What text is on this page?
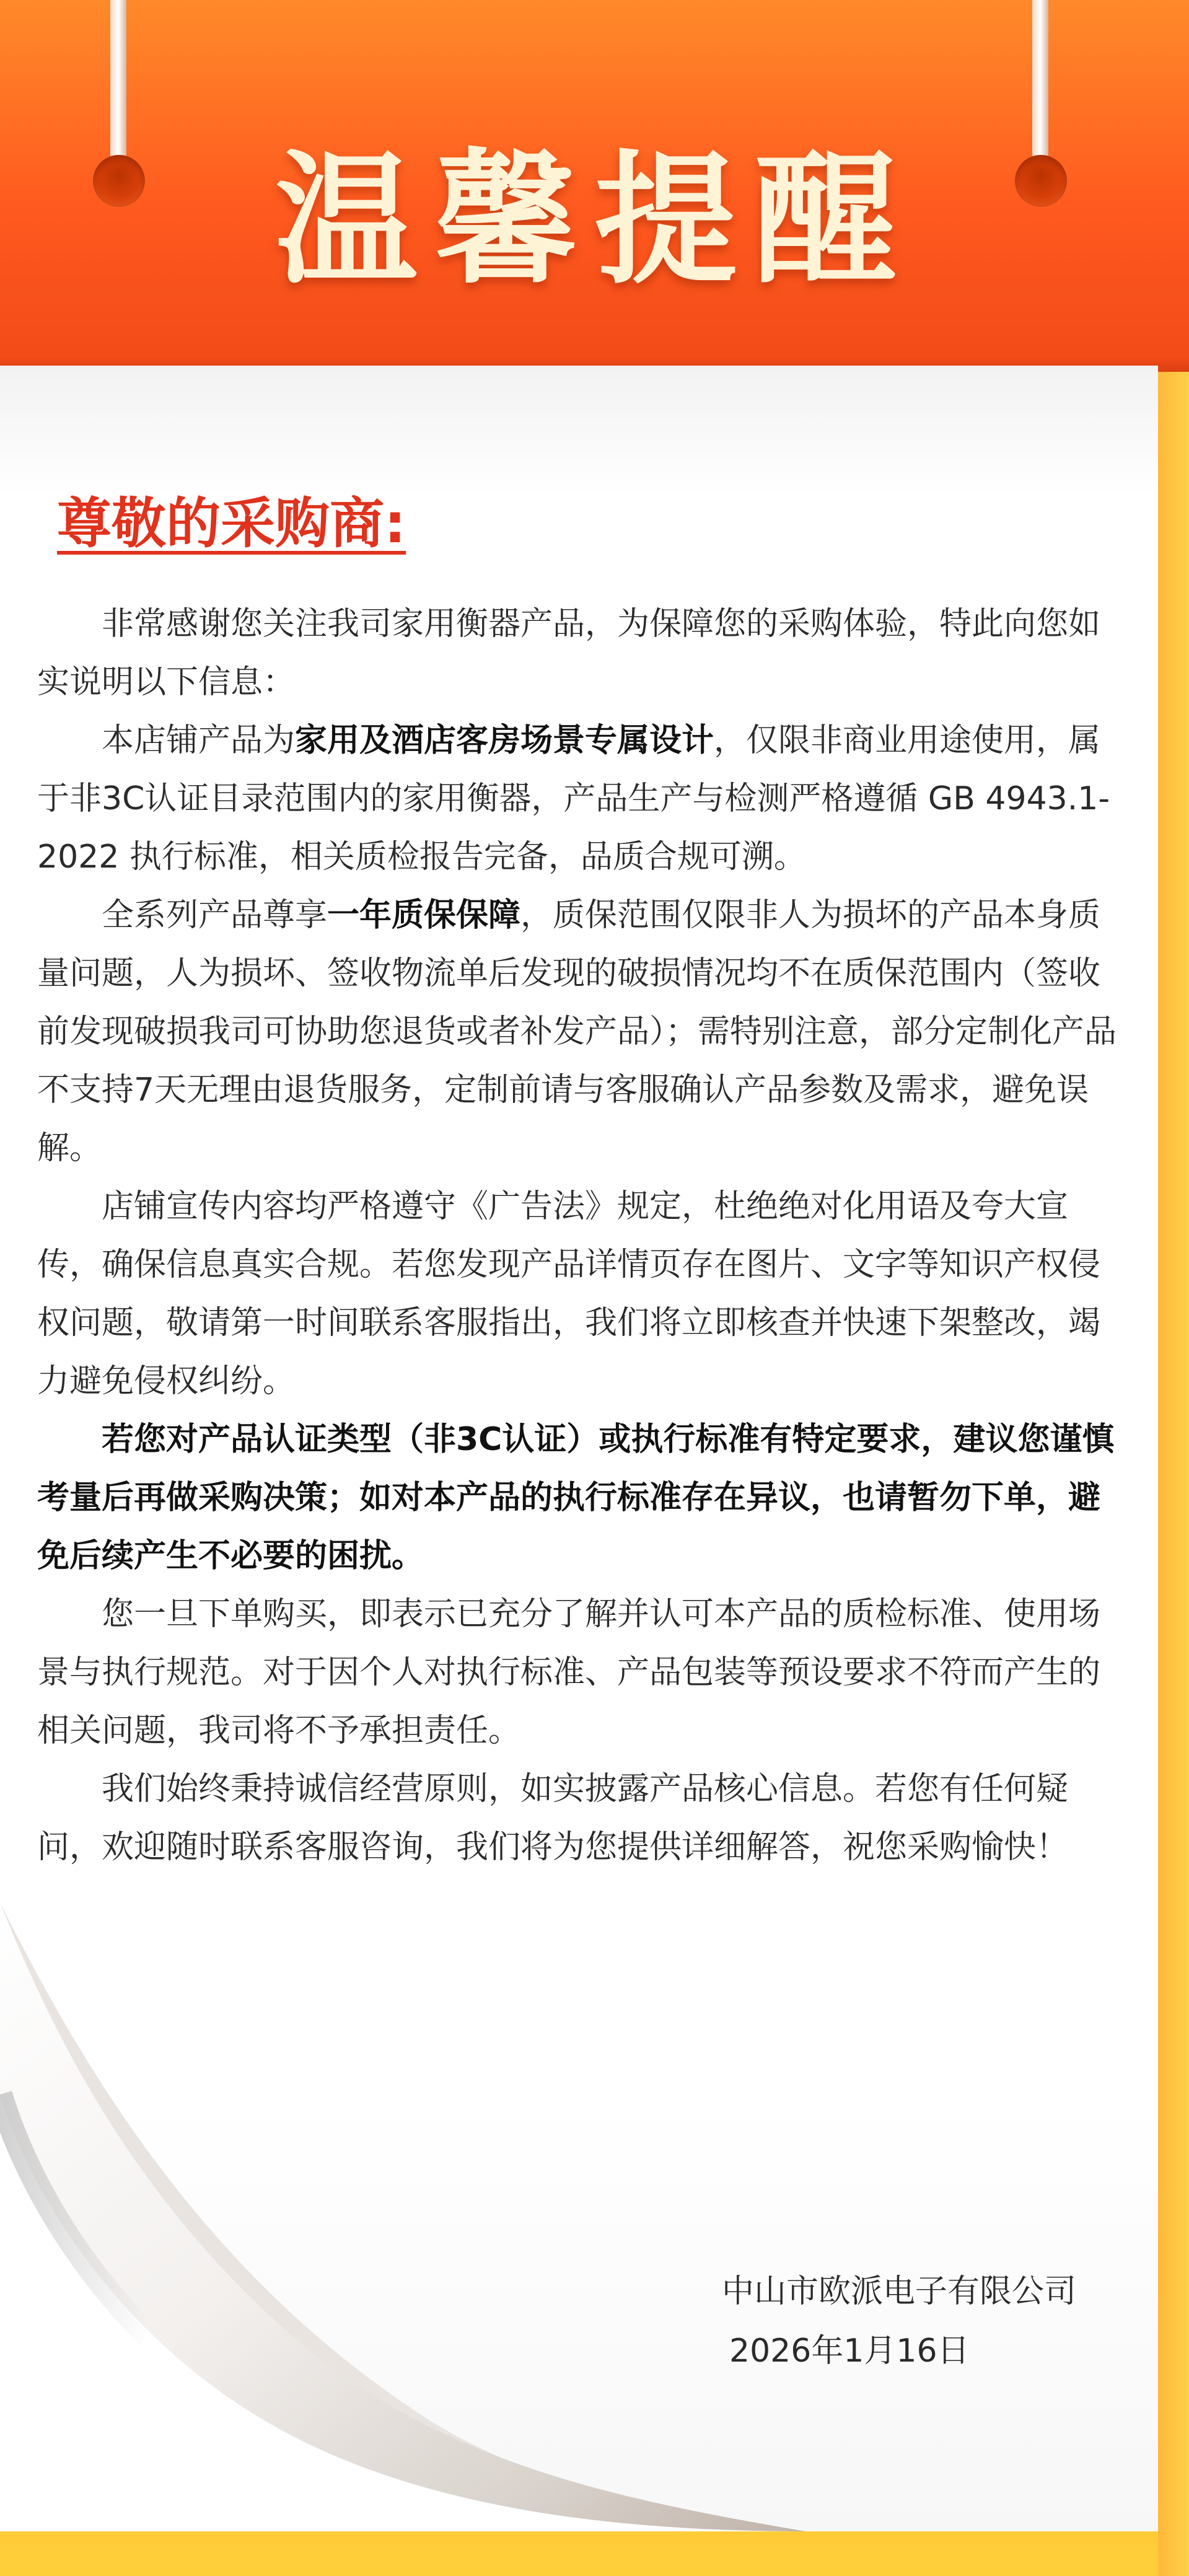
温馨提醒
尊敬的采购商:

非常感谢您关注我司家用衡器产品，为保障您的采购体验，特此向您如实说明以下信息：

本店铺产品为家用及酒店客房场景专属设计，仅限非商业用途使用，属于非3C认证目录范围内的家用衡器，产品生产与检测严格遵循 GB 4943.1-2022 执行标准，相关质检报告完备，品质合规可溯。

全系列产品尊享一年质保保障，质保范围仅限非人为损坏的产品本身质量问题，人为损坏、签收物流单后发现的破损情况均不在质保范围内（签收前发现破损我司可协助您退货或者补发产品）；需特别注意，部分定制化产品不支持7天无理由退货服务，定制前请与客服确认产品参数及需求，避免误解。

店铺宣传内容均严格遵守《广告法》规定，杜绝绝对化用语及夸大宣传，确保信息真实合规。若您发现产品详情页存在图片、文字等知识产权侵权问题，敬请第一时间联系客服指出，我们将立即核查并快速下架整改，竭力避免侵权纠纷。

若您对产品认证类型（非3C认证）或执行标准有特定要求，建议您谨慎考量后再做采购决策；如对本产品的执行标准存在异议，也请暂勿下单，避免后续产生不必要的困扰。

您一旦下单购买，即表示已充分了解并认可本产品的质检标准、使用场景与执行规范。对于因个人对执行标准、产品包装等预设要求不符而产生的相关问题，我司将不予承担责任。

我们始终秉持诚信经营原则，如实披露产品核心信息。若您有任何疑问，欢迎随时联系客服咨询，我们将为您提供详细解答，祝您采购愉快！

中山市欧派电子有限公司
2026年1月16日
